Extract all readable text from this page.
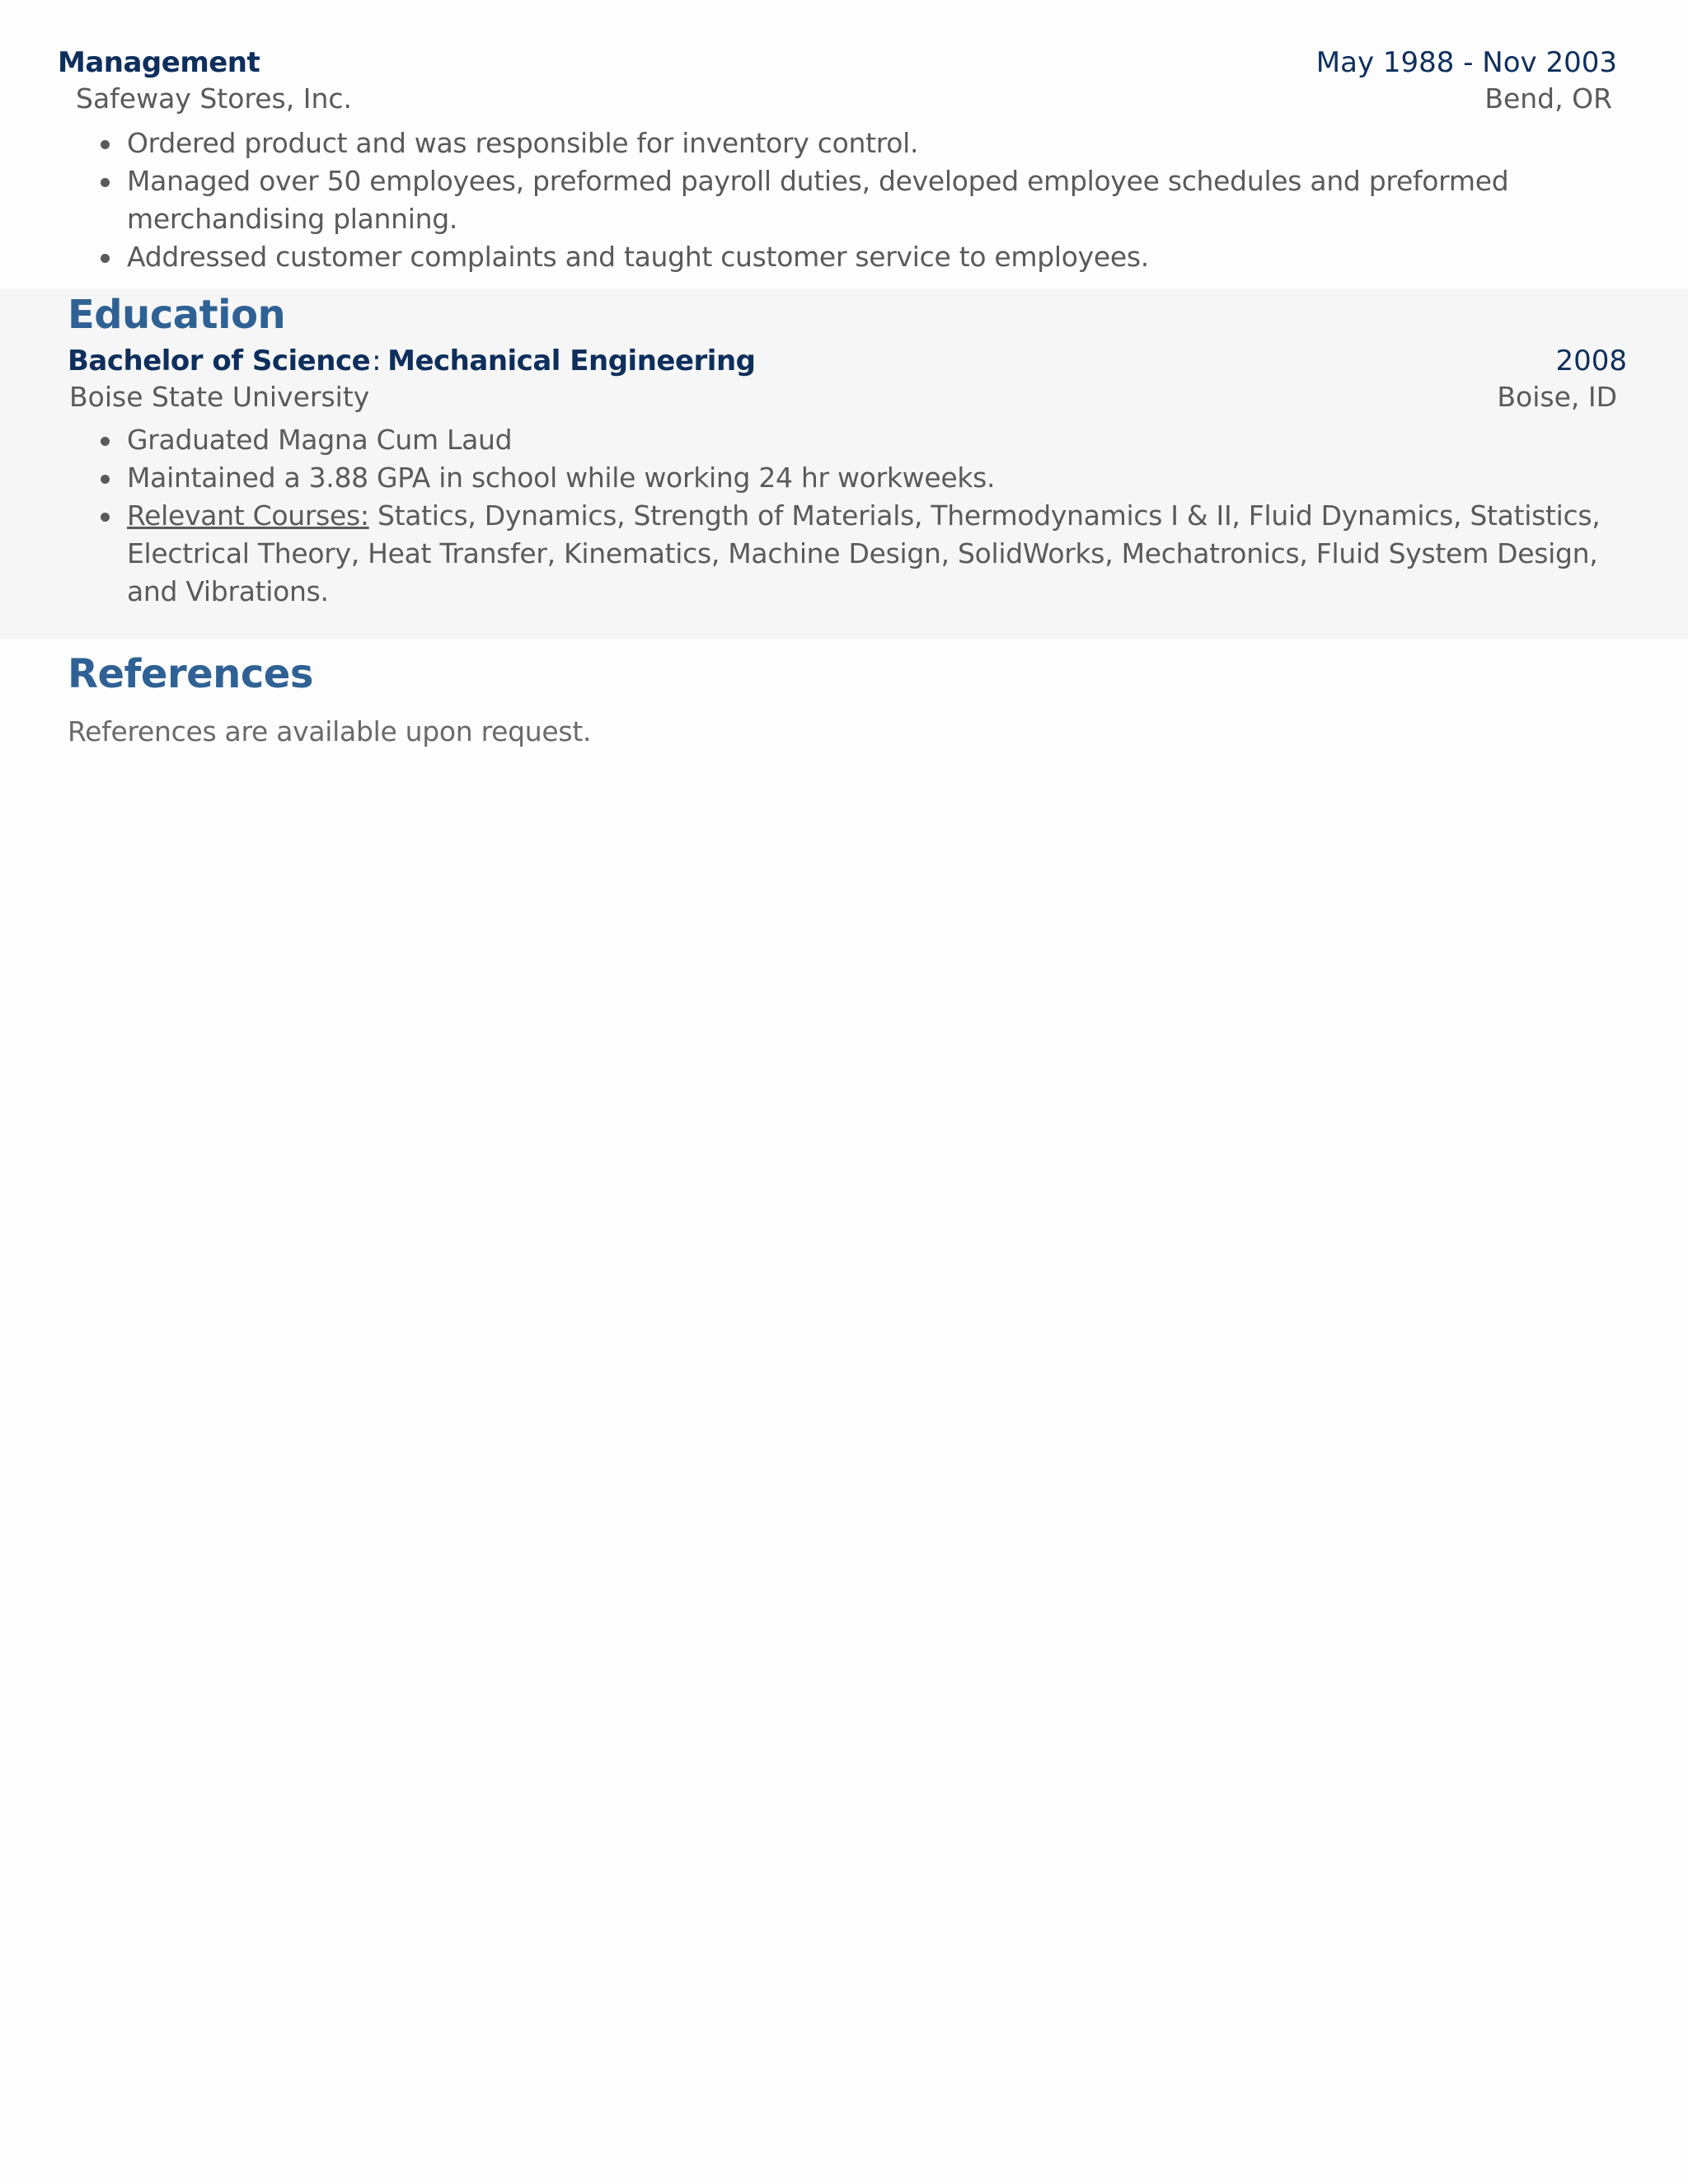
Management	May 1988 - Nov 2003
Safeway Stores, Inc.	Bend, OR
Ordered product and was responsible for inventory control.
Managed over 50 employees, preformed payroll duties, developed employee schedules and preformed merchandising planning.
Addressed customer complaints and taught customer service to employees.
Education
Bachelor of Science: Mechanical Engineering	2008
Boise State University	Boise, ID
Graduated Magna Cum Laud
Maintained a 3.88 GPA in school while working 24 hr workweeks.
Relevant Courses: Statics, Dynamics, Strength of Materials, Thermodynamics I & II, Fluid Dynamics, Statistics, Electrical Theory, Heat Transfer, Kinematics, Machine Design, SolidWorks, Mechatronics, Fluid System Design, and Vibrations.
References
References are available upon request.
